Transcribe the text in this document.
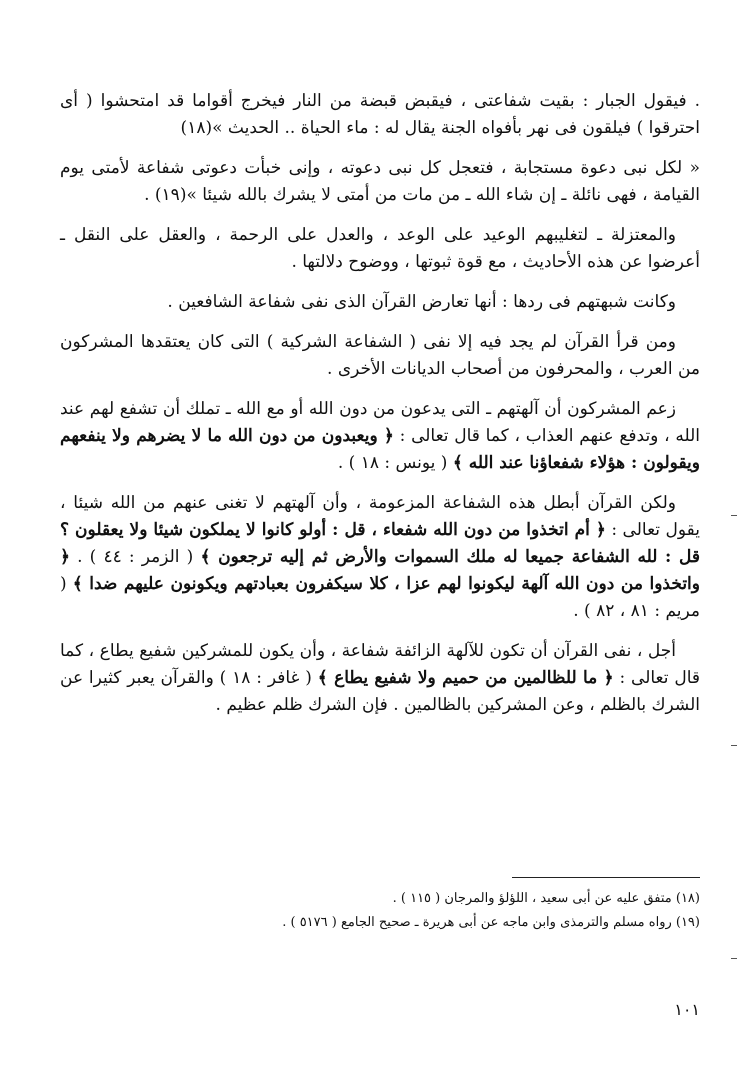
. فيقول الجبار : بقيت شفاعتى ، فيقبض قبضة من النار فيخرج أقواما قد امتحشوا ( أى احترقوا ) فيلقون فى نهر بأفواه الجنة يقال له : ماء الحياة .. الحديث »(١٨)

« لكل نبى دعوة مستجابة ، فتعجل كل نبى دعوته ، وإنى خبأت دعوتى شفاعة لأمتى يوم القيامة ، فهى نائلة ـ إن شاء الله ـ من مات من أمتى لا يشرك بالله شيئا »(١٩) .

والمعتزلة ـ لتغليبهم الوعيد على الوعد ، والعدل على الرحمة ، والعقل على النقل ـ أعرضوا عن هذه الأحاديث ، مع قوة ثبوتها ، ووضوح دلالتها .

وكانت شبهتهم فى ردها : أنها تعارض القرآن الذى نفى شفاعة الشافعين .

ومن قرأ القرآن لم يجد فيه إلا نفى ( الشفاعة الشركية ) التى كان يعتقدها المشركون من العرب ، والمحرفون من أصحاب الديانات الأخرى .

زعم المشركون أن آلهتهم ـ التى يدعون من دون الله أو مع الله ـ تملك أن تشفع لهم عند الله ، وتدفع عنهم العذاب ، كما قال تعالى : ﴿ ويعبدون من دون الله ما لا يضرهم ولا ينفعهم ويقولون : هؤلاء شفعاؤنا عند الله ﴾ ( يونس : ١٨ ) .

ولكن القرآن أبطل هذه الشفاعة المزعومة ، وأن آلهتهم لا تغنى عنهم من الله شيئا ، يقول تعالى : ﴿ أم اتخذوا من دون الله شفعاء ، قل : أولو كانوا لا يملكون شيئا ولا يعقلون ؟ قل : لله الشفاعة جميعا له ملك السموات والأرض ثم إليه ترجعون ﴾ ( الزمر : ٤٤ ) . ﴿ واتخذوا من دون الله آلهة ليكونوا لهم عزا ، كلا سيكفرون بعبادتهم ويكونون عليهم ضدا ﴾ ( مريم : ٨١ ، ٨٢ ) .

أجل ، نفى القرآن أن تكون للآلهة الزائفة شفاعة ، وأن يكون للمشركين شفيع يطاع ، كما قال تعالى : ﴿ ما للظالمين من حميم ولا شفيع يطاع ﴾ ( غافر : ١٨ ) والقرآن يعبر كثيرا عن الشرك بالظلم ، وعن المشركين بالظالمين . فإن الشرك ظلم عظيم .

(١٨) متفق عليه عن أبى سعيد ، اللؤلؤ والمرجان ( ١١٥ ) .

(١٩) رواه مسلم والترمذى وابن ماجه عن أبى هريرة ـ صحيح الجامع ( ٥١٧٦ ) .

١٠١
